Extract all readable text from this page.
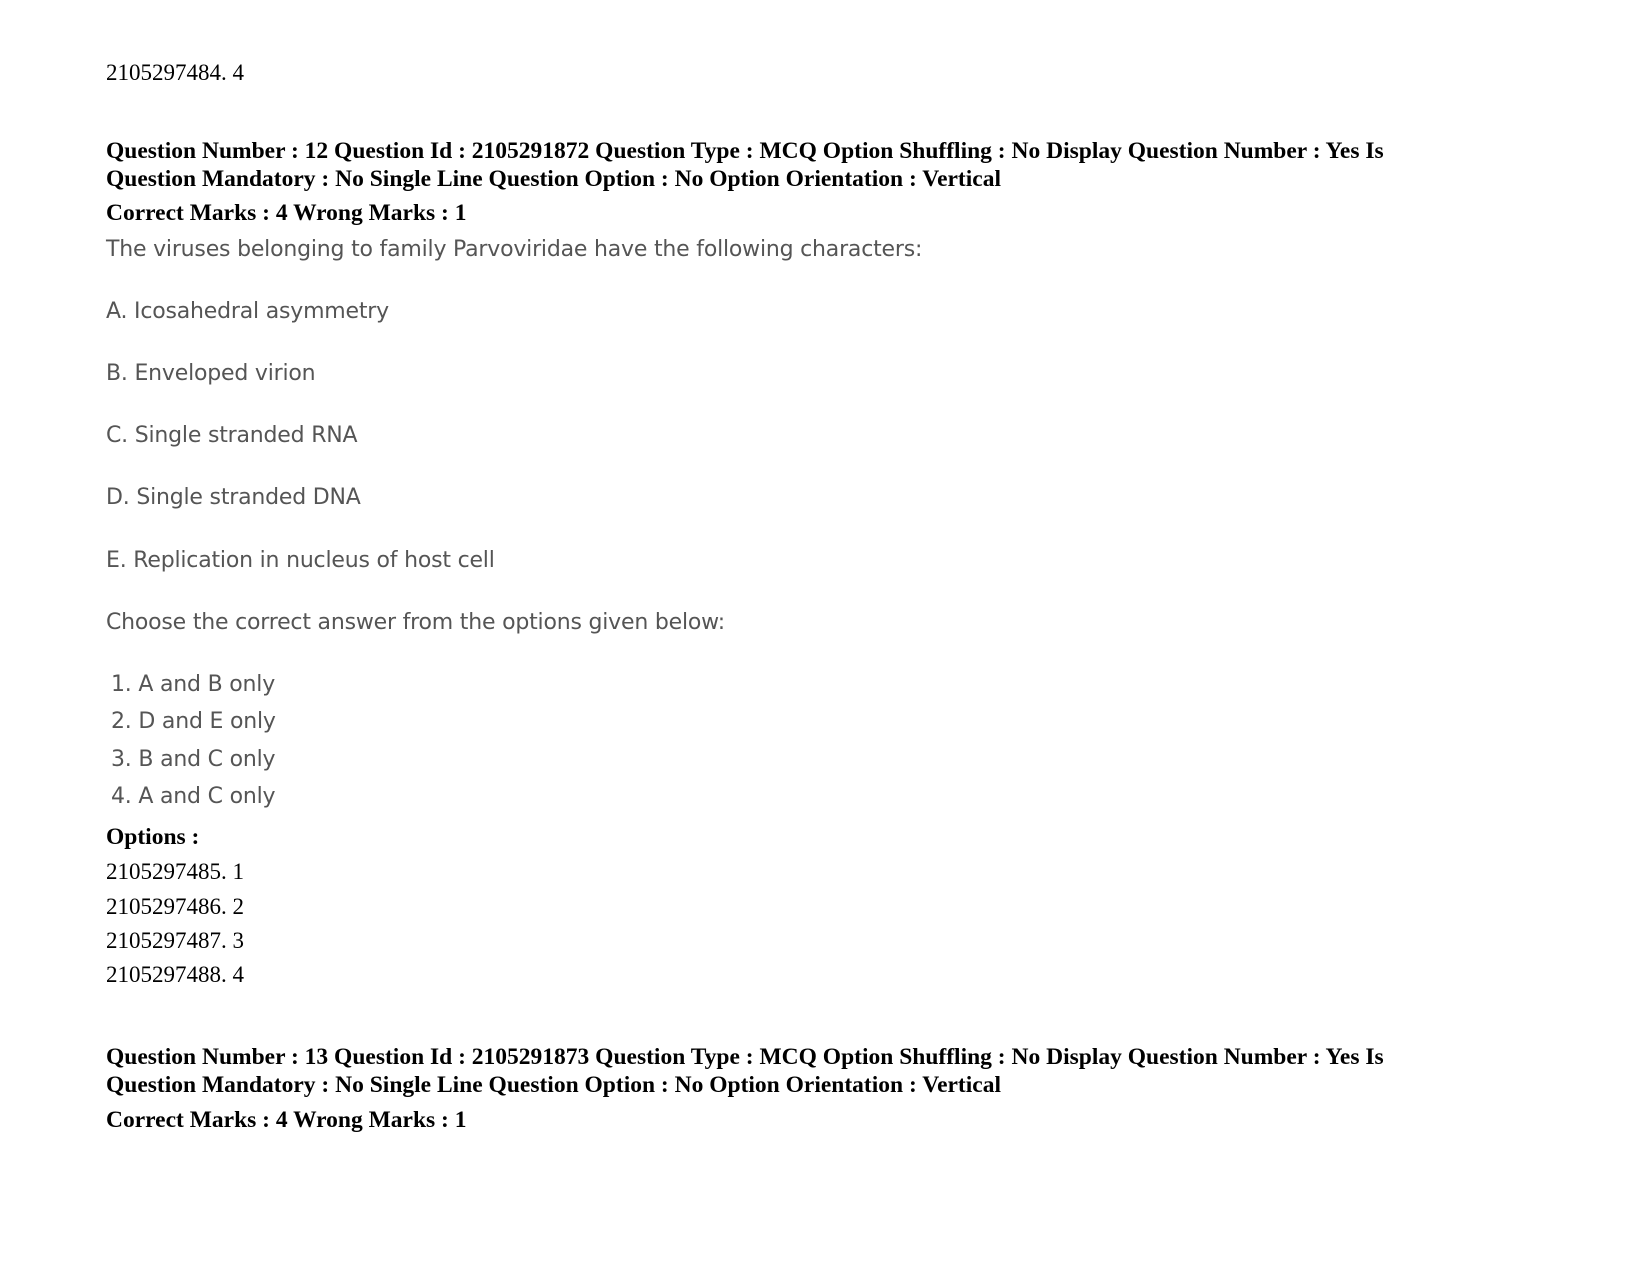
2105297484. 4
Question Number : 12 Question Id : 2105291872 Question Type : MCQ Option Shuffling : No Display Question Number : Yes Is
Question Mandatory : No Single Line Question Option : No Option Orientation : Vertical
Correct Marks : 4 Wrong Marks : 1
The viruses belonging to family Parvoviridae have the following characters:
A. Icosahedral asymmetry
B. Enveloped virion
C. Single stranded RNA
D. Single stranded DNA
E. Replication in nucleus of host cell
Choose the correct answer from the options given below:
1. A and B only
2. D and E only
3. B and C only
4. A and C only
Options :
2105297485. 1
2105297486. 2
2105297487. 3
2105297488. 4
Question Number : 13 Question Id : 2105291873 Question Type : MCQ Option Shuffling : No Display Question Number : Yes Is
Question Mandatory : No Single Line Question Option : No Option Orientation : Vertical
Correct Marks : 4 Wrong Marks : 1
